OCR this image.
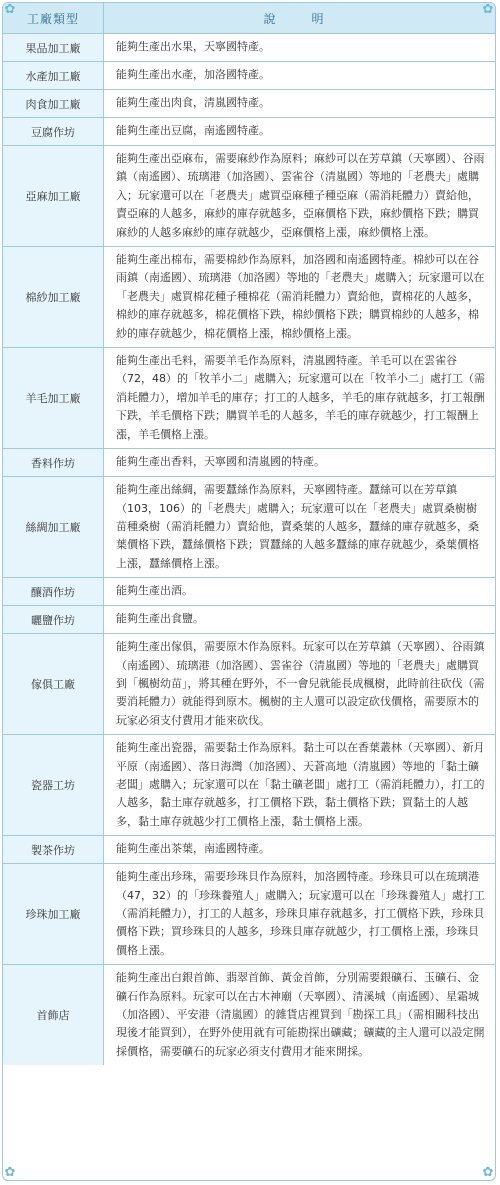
✿	✿
✿	✿
工廠類型	說　明
果品加工廠	能夠生產出水果，天寧國特產。
水產加工廠	能夠生產出水產，加洛國特產。
肉食加工廠	能夠生產出肉食，清嵐國特產。
豆腐作坊	能夠生產出豆腐，南遙國特產。
亞麻加工廠	能夠生產出亞麻布，需要麻紗作為原料；麻紗可以在芳草鎮（天寧國）、谷雨鎮（南遙國）、琉璃港（加洛國）、雲雀谷（清嵐國）等地的「老農夫」處購入；玩家還可以在「老農夫」處買亞麻種子種亞麻（需消耗體力）賣給他，賣亞麻的人越多，麻紗的庫存就越多，亞麻價格下跌，麻紗價格下跌；購買麻紗的人越多麻紗的庫存就越少，亞麻價格上漲，麻紗價格上漲。
棉紗加工廠	能夠生產出棉布，需要棉紗作為原料，加洛國和南遙國特產。棉紗可以在谷雨鎮（南遙國）、琉璃港（加洛國）等地的「老農夫」處購入；玩家還可以在「老農夫」處買棉花種子種棉花（需消耗體力）賣給他，賣棉花的人越多，棉紗的庫存就越多，棉花價格下跌，棉紗價格下跌；購買棉紗的人越多，棉紗的庫存就越少，棉花價格上漲，棉紗價格上漲。
羊毛加工廠	能夠生產出毛料，需要羊毛作為原料，清嵐國特產。羊毛可以在雲雀谷（72，48）的「牧羊小二」處購入；玩家還可以在「牧羊小二」處打工（需消耗體力），增加羊毛的庫存；打工的人越多，羊毛的庫存就越多，打工報酬下跌，羊毛價格下跌；購買羊毛的人越多，羊毛的庫存就越少，打工報酬上漲，羊毛價格上漲。
香料作坊	能夠生產出香料，天寧國和清嵐國的特產。
絲綢加工廠	能夠生產出絲綢，需要蠶絲作為原料，天寧國特產。蠶絲可以在芳草鎮（103，106）的「老農夫」處購入；玩家還可以在「老農夫」處買桑樹樹苗種桑樹（需消耗體力）賣給他，賣桑葉的人越多，蠶絲的庫存就越多，桑葉價格下跌，蠶絲價格下跌；買蠶絲的人越多蠶絲的庫存就越少，桑葉價格上漲，蠶絲價格上漲。
釀酒作坊	能夠生產出酒。
曬鹽作坊	能夠生產出食鹽。
傢俱工廠	能夠生產出傢俱，需要原木作為原料。玩家可以在芳草鎮（天寧國）、谷雨鎮（南遙國）、琉璃港（加洛國）、雲雀谷（清嵐國）等地的「老農夫」處購買到「楓樹幼苗」，將其種在野外，不一會兒就能長成楓樹，此時前往砍伐（需要消耗體力）就能得到原木。楓樹的主人還可以設定砍伐價格，需要原木的玩家必須支付費用才能來砍伐。
瓷器工坊	能夠生產出瓷器，需要黏土作為原料。黏土可以在香葉叢林（天寧國）、新月平原（南遙國）、落日海灣（加洛國）、天蒼高地（清嵐國）等地的「黏土礦老闆」處購入；玩家還可以在「黏土礦老闆」處打工（需消耗體力），打工的人越多，黏土庫存就越多，打工價格下跌，黏土價格下跌；買黏土的人越多，黏土庫存就越少打工價格上漲，黏土價格上漲。
製茶作坊	能夠生產出茶葉，南遙國特產。
珍珠加工廠	能夠生產出珍珠，需要珍珠貝作為原料，加洛國特產。珍珠貝可以在琉璃港（47，32）的「珍珠養殖人」處購入；玩家還可以在「珍珠養殖人」處打工（需消耗體力），打工的人越多，珍珠貝庫存就越多，打工價格下跌，珍珠貝價格下跌；買珍珠貝的人越多，珍珠貝庫存就越少，打工價格上漲，珍珠貝價格上漲。
首飾店	能夠生產出白銀首飾、翡翠首飾、黃金首飾，分別需要銀礦石、玉礦石、金礦石作為原料。玩家可以在古木神廟（天寧國）、清溪城（南遙國）、星霜城（加洛國）、平安港（清嵐國）的雜貨店裡買到「勘探工具」（需相關科技出現後才能買到），在野外使用就有可能勘探出礦藏；礦藏的主人還可以設定開採價格，需要礦石的玩家必須支付費用才能來開採。
